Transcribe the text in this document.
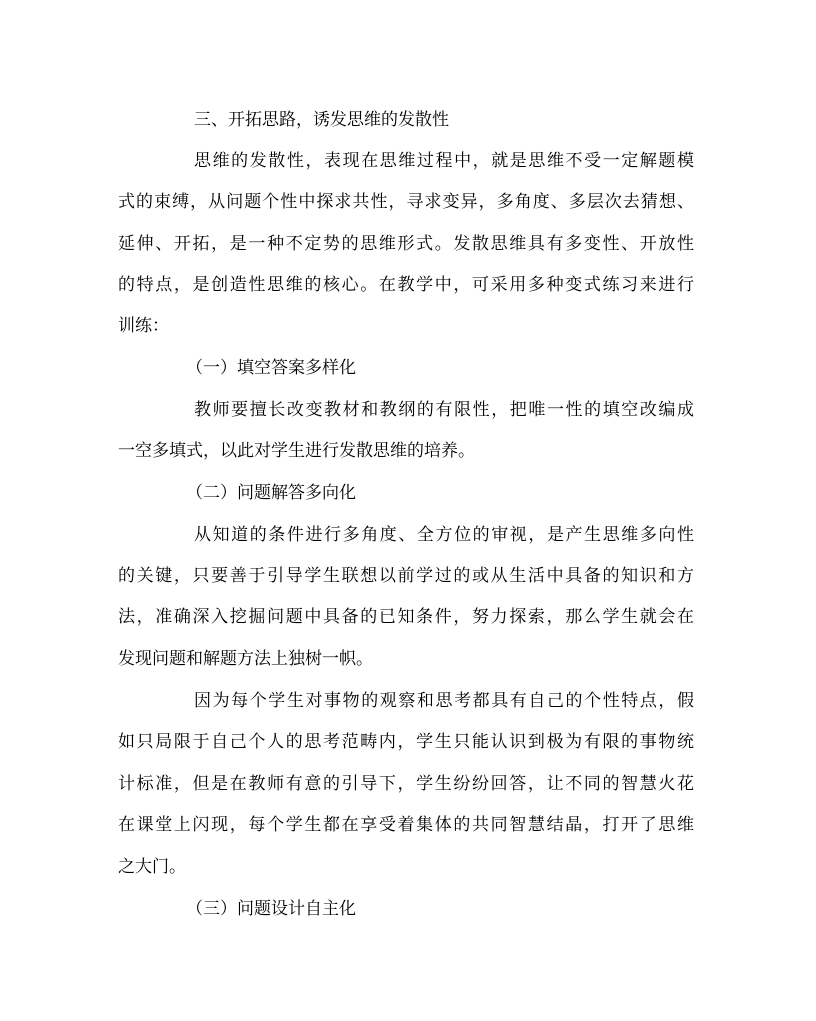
三、开拓思路，诱发思维的发散性
思维的发散性，表现在思维过程中，就是思维不受一定解题模
式的束缚，从问题个性中探求共性，寻求变异，多角度、多层次去猜想、
延伸、开拓，是一种不定势的思维形式。发散思维具有多变性、开放性
的特点，是创造性思维的核心。在教学中，可采用多种变式练习来进行
训练：
（一）填空答案多样化
教师要擅长改变教材和教纲的有限性，把唯一性的填空改编成
一空多填式，以此对学生进行发散思维的培养。
（二）问题解答多向化
从知道的条件进行多角度、全方位的审视，是产生思维多向性
的关键，只要善于引导学生联想以前学过的或从生活中具备的知识和方
法，准确深入挖掘问题中具备的已知条件，努力探索，那么学生就会在
发现问题和解题方法上独树一帜。
因为每个学生对事物的观察和思考都具有自己的个性特点，假
如只局限于自己个人的思考范畴内，学生只能认识到极为有限的事物统
计标准，但是在教师有意的引导下，学生纷纷回答，让不同的智慧火花
在课堂上闪现，每个学生都在享受着集体的共同智慧结晶，打开了思维
之大门。
（三）问题设计自主化
